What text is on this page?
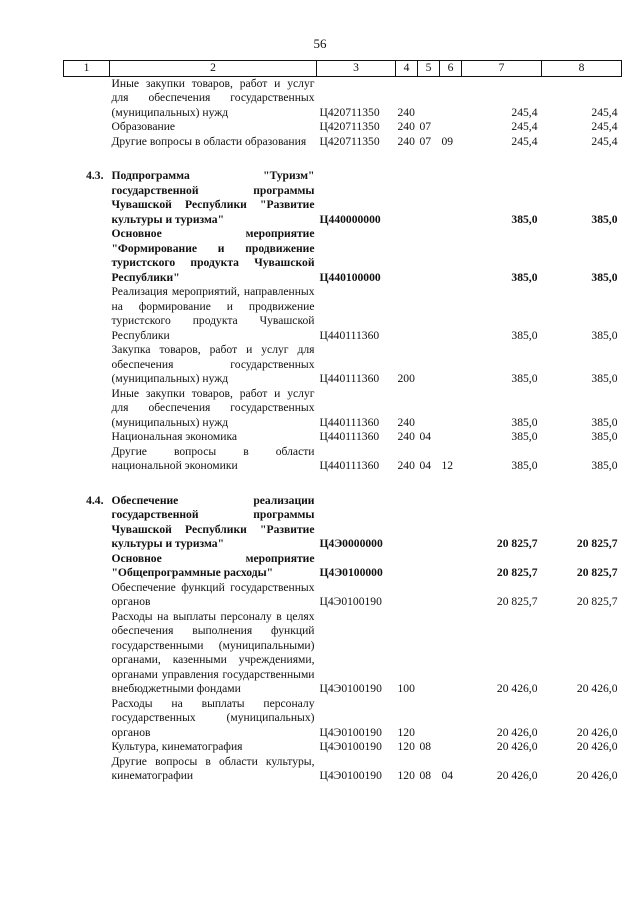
56
1	2	3	4	5	6	7	8
	Иные закупки товаров, работ и услуг для обеспечения государственных (муниципальных) нужд	Ц420711350	240			245,4	245,4
	Образование	Ц420711350	240	07		245,4	245,4
	Другие вопросы в области образования	Ц420711350	240	07	09	245,4	245,4

4.3.	Подпрограмма "Туризм" государственной программы Чувашской Республики "Развитие культуры и туризма"	Ц440000000				385,0	385,0
	Основное мероприятие "Формирование и продвижение туристского продукта Чувашской Республики"	Ц440100000				385,0	385,0
	Реализация мероприятий, направленных на формирование и продвижение туристского продукта Чувашской Республики	Ц440111360				385,0	385,0
	Закупка товаров, работ и услуг для обеспечения государственных (муниципальных) нужд	Ц440111360	200			385,0	385,0
	Иные закупки товаров, работ и услуг для обеспечения государственных (муниципальных) нужд	Ц440111360	240			385,0	385,0
	Национальная экономика	Ц440111360	240	04		385,0	385,0
	Другие вопросы в области национальной экономики	Ц440111360	240	04	12	385,0	385,0

4.4.	Обеспечение реализации государственной программы Чувашской Республики "Развитие культуры и туризма"	Ц4Э0000000				20 825,7	20 825,7
	Основное мероприятие "Общепрограммные расходы"	Ц4Э0100000				20 825,7	20 825,7
	Обеспечение функций государственных органов	Ц4Э0100190				20 825,7	20 825,7
	Расходы на выплаты персоналу в целях обеспечения выполнения функций государственными (муниципальными) органами, казенными учреждениями, органами управления государственными внебюджетными фондами	Ц4Э0100190	100			20 426,0	20 426,0
	Расходы на выплаты персоналу государственных (муниципальных) органов	Ц4Э0100190	120			20 426,0	20 426,0
	Культура, кинематография	Ц4Э0100190	120	08		20 426,0	20 426,0
	Другие вопросы в области культуры, кинематографии	Ц4Э0100190	120	08	04	20 426,0	20 426,0
